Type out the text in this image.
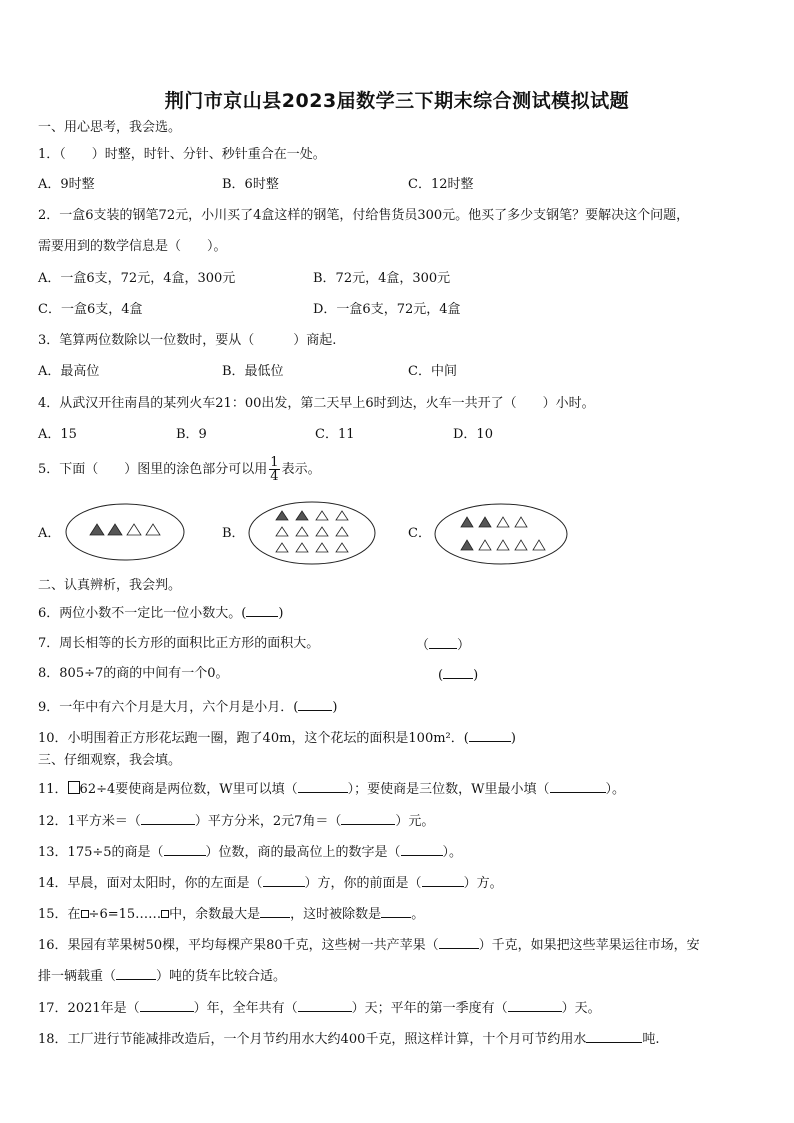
荆门市京山县2023届数学三下期末综合测试模拟试题
一、用心思考，我会选。
1．（　　）时整，时针、分针、秒针重合在一处。
A．9时整	B．6时整	C．12时整
2．一盒6支装的钢笔72元，小川买了4盒这样的钢笔，付给售货员300元。他买了多少支钢笔？要解决这个问题，
需要用到的数学信息是（　　）。
A．一盒6支，72元，4盒，300元	B．72元，4盒，300元
C．一盒6支，4盒	D．一盒6支，72元，4盒
3．笔算两位数除以一位数时，要从（　　　）商起.
A．最高位	B．最低位	C．中间
4．从武汉开往南昌的某列火车21：00出发，第二天早上6时到达，火车一共开了（　　）小时。
A．15	B．9	C．11	D．10
5．下面（　　）图里的涂色部分可以用 $\frac{1}{4}$ 表示。
A．	B．	C．
二、认真辨析，我会判。
6．两位小数不一定比一位小数大。( )
7．周长相等的长方形的面积比正方形的面积大。	（ ）
8．805÷7的商的中间有一个0。	( )
9．一年中有六个月是大月，六个月是小月．(	)
10．小明围着正方形花坛跑一圈，跑了40m，这个花坛的面积是100m²．(	)
三、仔细观察，我会填。
11． 62÷4要使商是两位数，W里可以填（	）；要使商是三位数，W里最小填（	）。
12．1平方米＝（	）平方分米，2元7角＝（	）元。
13．175÷5的商是（	）位数，商的最高位上的数字是（	）。
14．早晨，面对太阳时，你的左面是（	）方，你的前面是（	）方。
15．在 ÷6=15…… 中，余数最大是 ，这时被除数是 。
16．果园有苹果树50棵，平均每棵产果80千克，这些树一共产苹果（	）千克，如果把这些苹果运往市场，安
排一辆载重（	）吨的货车比较合适。
17．2021年是（	）年，全年共有（	）天；平年的第一季度有（	）天。
18．工厂进行节能减排改造后，一个月节约用水大约400千克，照这样计算，十个月可节约用水	吨.
